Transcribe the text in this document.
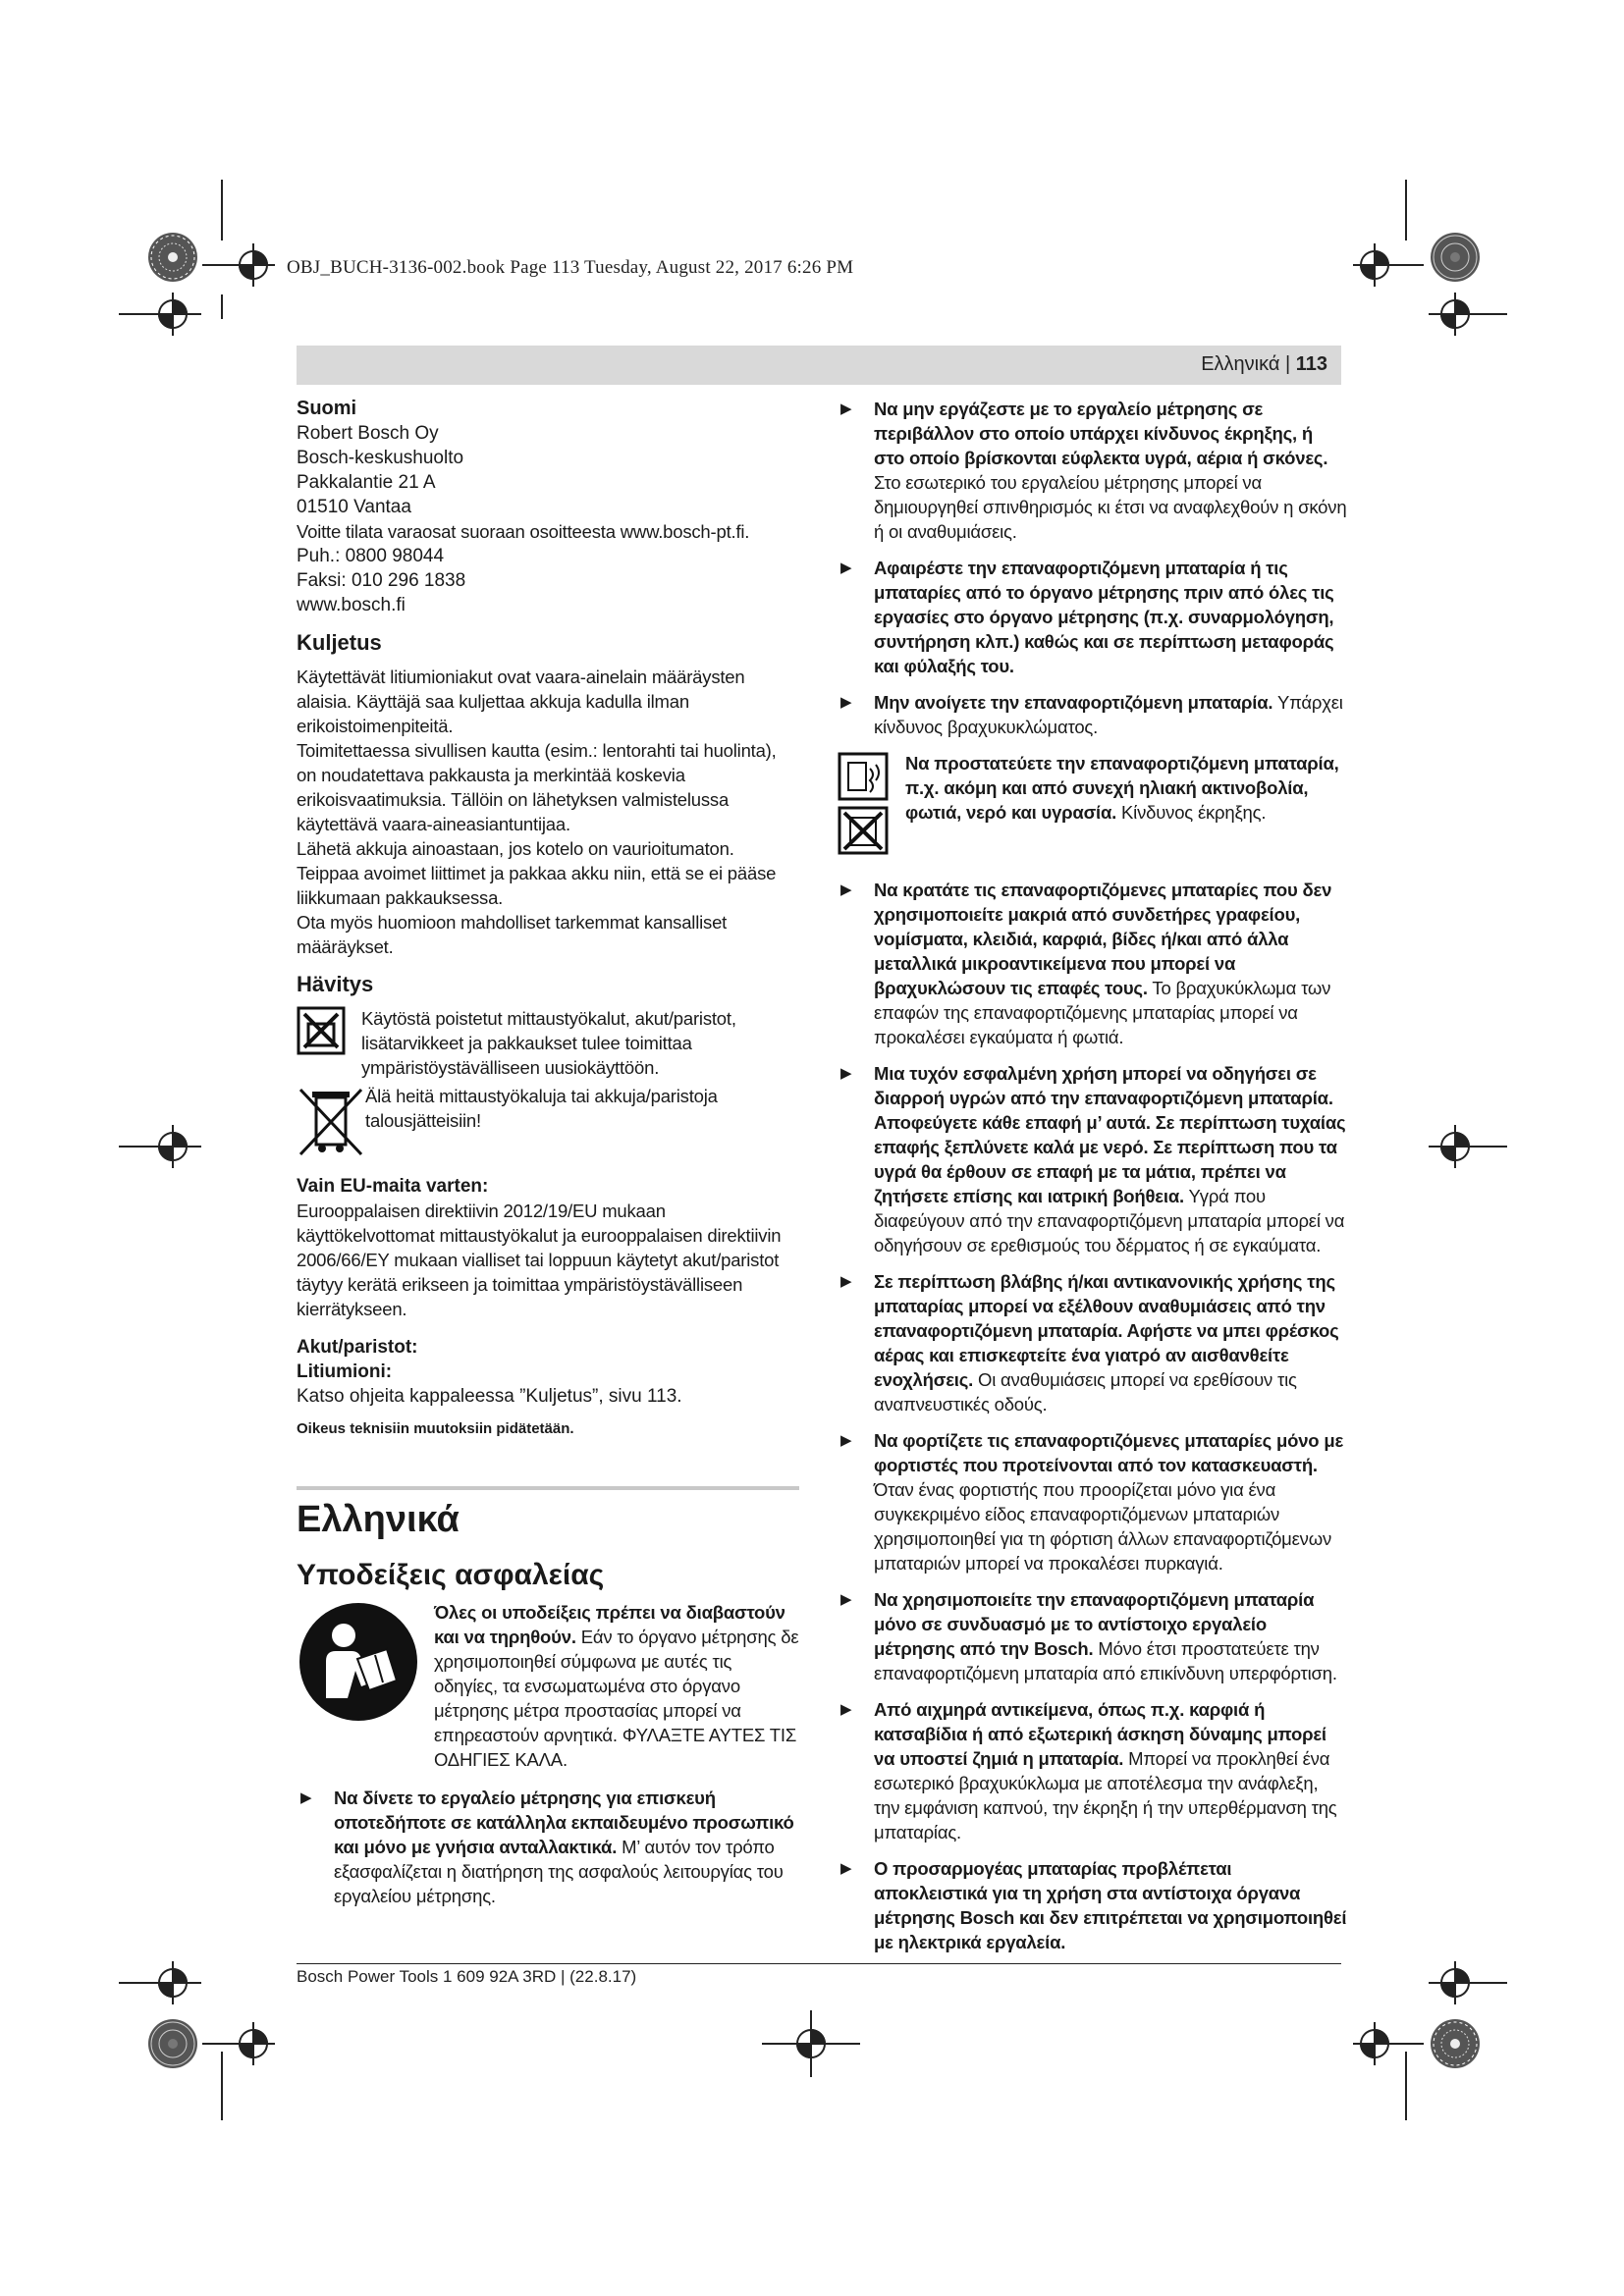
OBJ_BUCH-3136-002.book Page 113 Tuesday, August 22, 2017 6:26 PM
Ελληνικά | 113
Suomi

Robert Bosch Oy

Bosch-keskushuolto

Pakkalantie 21 A

01510 Vantaa

Voitte tilata varaosat suoraan osoitteesta www.bosch-pt.fi.

Puh.: 0800 98044

Faksi: 010 296 1838

www.bosch.fi

Kuljetus

Käytettävät litiumioniakut ovat vaara-ainelain määräysten alaisia. Käyttäjä saa kuljettaa akkuja kadulla ilman erikoistoimenpiteitä.

Toimitettaessa sivullisen kautta (esim.: lentorahti tai huolinta), on noudatettava pakkausta ja merkintää koskevia erikoisvaatimuksia. Tällöin on lähetyksen valmistelussa käytettävä vaara-aineasiantuntijaa.

Lähetä akkuja ainoastaan, jos kotelo on vaurioitumaton. Teippaa avoimet liittimet ja pakkaa akku niin, että se ei pääse liikkumaan pakkauksessa.

Ota myös huomioon mahdolliset tarkemmat kansalliset määräykset.

Hävitys

Käytöstä poistetut mittaustyökalut, akut/paristot, lisätarvikkeet ja pakkaukset tulee toimittaa ympäristöystävälliseen uusiokäyttöön.

Älä heitä mittaustyökaluja tai akkuja/paristoja talousjätteisiin!

Vain EU-maita varten:

Eurooppalaisen direktiivin 2012/19/EU mukaan käyttökelvottomat mittaustyökalut ja eurooppalaisen direktiivin 2006/66/EY mukaan vialliset tai loppuun käytetyt akut/paristot täytyy kerätä erikseen ja toimittaa ympäristöystävälliseen kierrätykseen.

Akut/paristot:
Litiumioni:

Katso ohjeita kappaleessa ”Kuljetus”, sivu 113.

Oikeus teknisiin muutoksiin pidätetään.

Ελληνικά
Υποδείξεις ασφαλείας

Όλες οι υποδείξεις πρέπει να διαβαστούν και να τηρηθούν. Εάν το όργανο μέτρησης δε χρησιμοποιηθεί σύμφωνα με αυτές τις οδηγίες, τα ενσωματωμένα στο όργανο μέτρησης μέτρα προστασίας μπορεί να επηρεαστούν αρνητικά. ΦΥΛΑΞΤΕ ΑΥΤΕΣ ΤΙΣ ΟΔΗΓΙΕΣ ΚΑΛΑ.

▶	Να δίνετε το εργαλείο μέτρησης για επισκευή οποτεδήποτε σε κατάλληλα εκπαιδευμένο προσωπικό και μόνο με γνήσια ανταλλακτικά. Μ’ αυτόν τον τρόπο εξασφαλίζεται η διατήρηση της ασφαλούς λειτουργίας του εργαλείου μέτρησης.
▶	Να μην εργάζεστε με το εργαλείο μέτρησης σε περιβάλλον στο οποίο υπάρχει κίνδυνος έκρηξης, ή στο οποίο βρίσκονται εύφλεκτα υγρά, αέρια ή σκόνες. Στο εσωτερικό του εργαλείου μέτρησης μπορεί να δημιουργηθεί σπινθηρισμός κι έτσι να αναφλεχθούν η σκόνη ή οι αναθυμιάσεις.
▶	Αφαιρέστε την επαναφορτιζόμενη μπαταρία ή τις μπαταρίες από το όργανο μέτρησης πριν από όλες τις εργασίες στο όργανο μέτρησης (π.χ. συναρμολόγηση, συντήρηση κλπ.) καθώς και σε περίπτωση μεταφοράς και φύλαξής του.
▶	Μην ανοίγετε την επαναφορτιζόμενη μπαταρία. Υπάρχει κίνδυνος βραχυκυκλώματος.

Να προστατεύετε την επαναφορτιζόμενη μπαταρία, π.χ. ακόμη και από συνεχή ηλιακή ακτινοβολία, φωτιά, νερό και υγρασία. Κίνδυνος έκρηξης.

▶	Να κρατάτε τις επαναφορτιζόμενες μπαταρίες που δεν χρησιμοποιείτε μακριά από συνδετήρες γραφείου, νομίσματα, κλειδιά, καρφιά, βίδες ή/και από άλλα μεταλλικά μικροαντικείμενα που μπορεί να βραχυκλώσουν τις επαφές τους. Το βραχυκύκλωμα των επαφών της επαναφορτιζόμενης μπαταρίας μπορεί να προκαλέσει εγκαύματα ή φωτιά.
▶	Μια τυχόν εσφαλμένη χρήση μπορεί να οδηγήσει σε διαρροή υγρών από την επαναφορτιζόμενη μπαταρία. Αποφεύγετε κάθε επαφή μ’ αυτά. Σε περίπτωση τυχαίας επαφής ξεπλύνετε καλά με νερό. Σε περίπτωση που τα υγρά θα έρθουν σε επαφή με τα μάτια, πρέπει να ζητήσετε επίσης και ιατρική βοήθεια. Υγρά που διαφεύγουν από την επαναφορτιζόμενη μπαταρία μπορεί να οδηγήσουν σε ερεθισμούς του δέρματος ή σε εγκαύματα.
▶	Σε περίπτωση βλάβης ή/και αντικανονικής χρήσης της μπαταρίας μπορεί να εξέλθουν αναθυμιάσεις από την επαναφορτιζόμενη μπαταρία. Αφήστε να μπει φρέσκος αέρας και επισκεφτείτε ένα γιατρό αν αισθανθείτε ενοχλήσεις. Οι αναθυμιάσεις μπορεί να ερεθίσουν τις αναπνευστικές οδούς.
▶	Να φορτίζετε τις επαναφορτιζόμενες μπαταρίες μόνο με φορτιστές που προτείνονται από τον κατασκευαστή. Όταν ένας φορτιστής που προορίζεται μόνο για ένα συγκεκριμένο είδος επαναφορτιζόμενων μπαταριών χρησιμοποιηθεί για τη φόρτιση άλλων επαναφορτιζόμενων μπαταριών μπορεί να προκαλέσει πυρκαγιά.
▶	Να χρησιμοποιείτε την επαναφορτιζόμενη μπαταρία μόνο σε συνδυασμό με το αντίστοιχο εργαλείο μέτρησης από την Bosch. Μόνο έτσι προστατεύετε την επαναφορτιζόμενη μπαταρία από επικίνδυνη υπερφόρτιση.
▶	Από αιχμηρά αντικείμενα, όπως π.χ. καρφιά ή κατσαβίδια ή από εξωτερική άσκηση δύναμης μπορεί να υποστεί ζημιά η μπαταρία. Μπορεί να προκληθεί ένα εσωτερικό βραχυκύκλωμα με αποτέλεσμα την ανάφλεξη, την εμφάνιση καπνού, την έκρηξη ή την υπερθέρμανση της μπαταρίας.
▶	Ο προσαρμογέας μπαταρίας προβλέπεται αποκλειστικά για τη χρήση στα αντίστοιχα όργανα μέτρησης Bosch και δεν επιτρέπεται να χρησιμοποιηθεί με ηλεκτρικά εργαλεία.
Bosch Power Tools 1 609 92A 3RD | (22.8.17)
